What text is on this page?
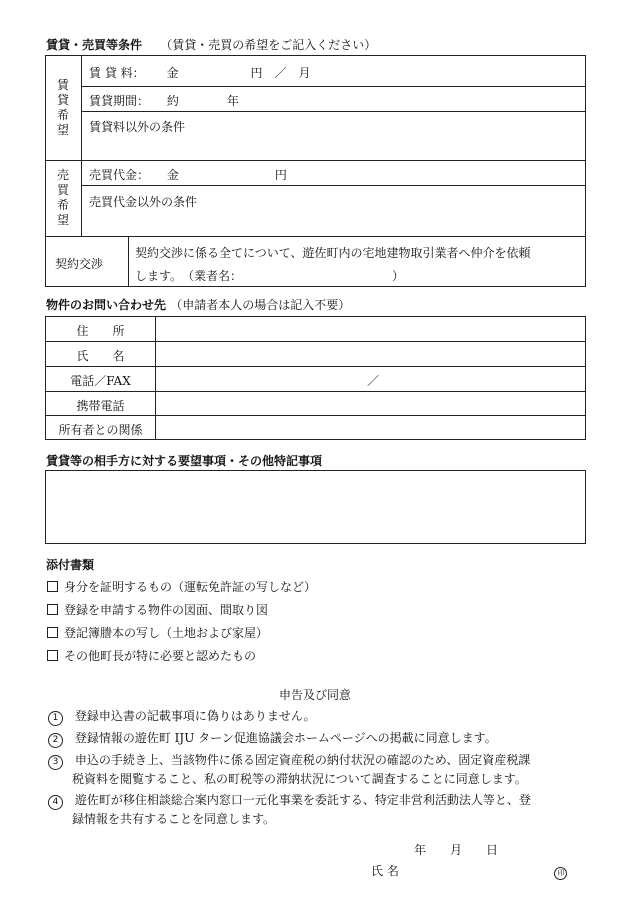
賃貸・売買等条件 （賃貸・売買の希望をご記入ください）
賃貸希望
売買希望
賃 貸 料： 金　　　　　　円　／　月
賃貸期間： 約　　　　年
賃貸料以外の条件
売買代金： 金　　　　　　　　円
売買代金以外の条件
契約交渉
契約交渉に係る全てについて、遊佐町内の宅地建物取引業者へ仲介を依頼
します。　（業者名：　　　　　　　　　　　　　）
物件のお問い合わせ先 （申請者本人の場合は記入不要）
住　　所
氏　　名
電話／FAX
携帯電話
所有者との関係
／
賃貸等の相手方に対する要望事項・その他特記事項
添付書類
身分を証明するもの（運転免許証の写しなど）
登録を申請する物件の図面、間取り図
登記簿謄本の写し（土地および家屋）
その他町長が特に必要と認めたもの
申告及び同意
1 登録申込書の記載事項に偽りはありません。
2 登録情報の遊佐町 IJU ターン促進協議会ホームページへの掲載に同意します。
3 申込の手続き上、当該物件に係る固定資産税の納付状況の確認のため、固定資産税課
税資料を閲覧すること、私の町税等の滞納状況について調査することに同意します。
4 遊佐町が移住相談総合案内窓口一元化事業を委託する、特定非営利活動法人等と、登
録情報を共有することを同意します。
年　　月　　日
氏 名	印
